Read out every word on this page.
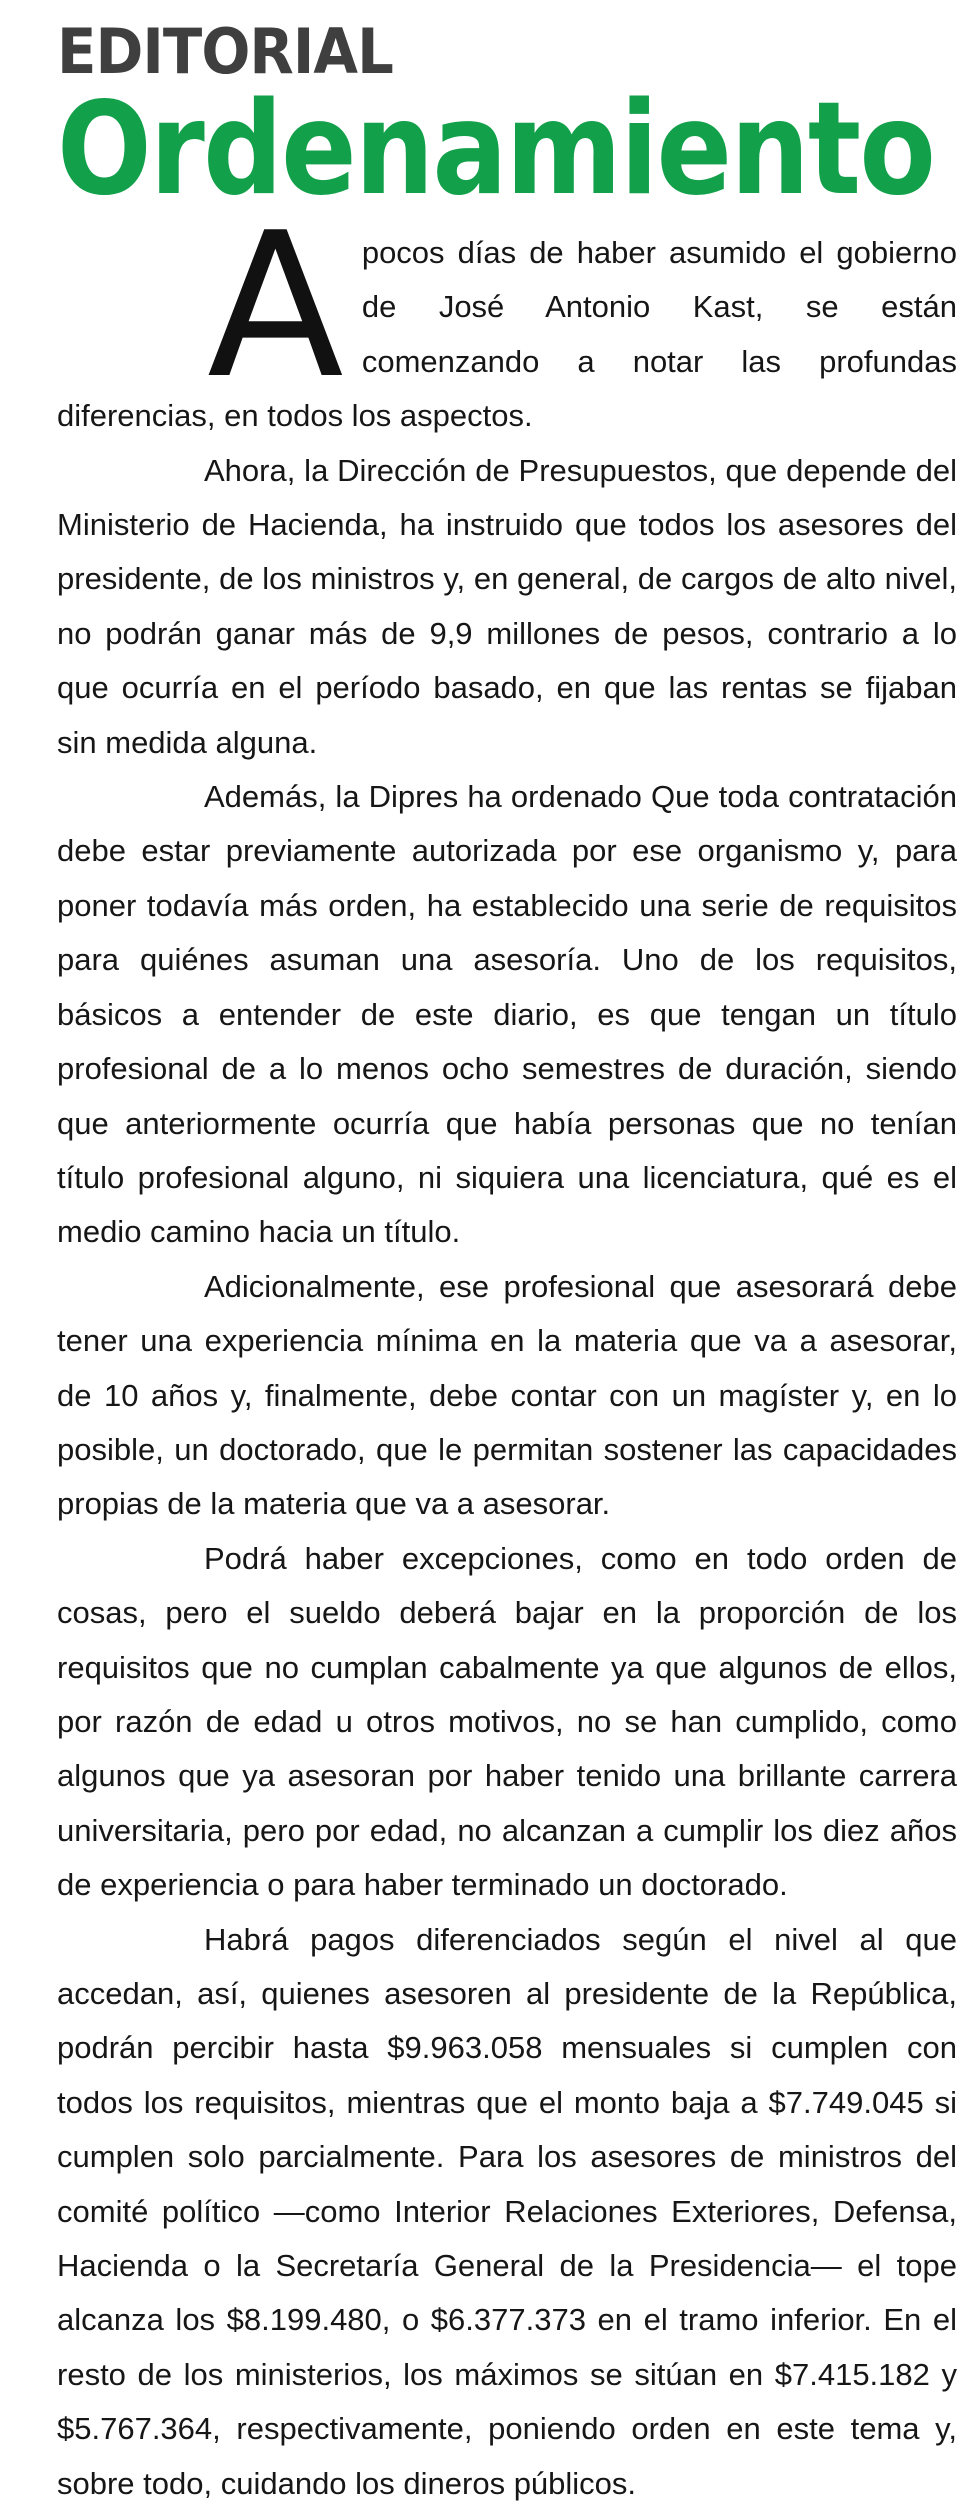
EDITORIAL
Ordenamiento

A pocos días de haber asumido el gobierno de José Antonio Kast, se están comenzando a notar las profundas diferencias, en todos los aspectos.

Ahora, la Dirección de Presupuestos, que depende del Ministerio de Hacienda, ha instruido que todos los asesores del presidente, de los ministros y, en general, de cargos de alto nivel, no podrán ganar más de 9,9 millones de pesos, contrario a lo que ocurría en el período basado, en que las rentas se fijaban sin medida alguna.

Además, la Dipres ha ordenado Que toda contratación debe estar previamente autorizada por ese organismo y, para poner todavía más orden, ha establecido una serie de requisitos para quiénes asuman una asesoría. Uno de los requisitos, básicos a entender de este diario, es que tengan un título profesional de a lo menos ocho semestres de duración, siendo que anteriormente ocurría que había personas que no tenían título profesional alguno, ni siquiera una licenciatura, qué es el medio camino hacia un título.

Adicionalmente, ese profesional que asesorará debe tener una experiencia mínima en la materia que va a asesorar, de 10 años y, finalmente, debe contar con un magíster y, en lo posible, un doctorado, que le permitan sostener las capacidades propias de la materia que va a asesorar.

Podrá haber excepciones, como en todo orden de cosas, pero el sueldo deberá bajar en la proporción de los requisitos que no cumplan cabalmente ya que algunos de ellos, por razón de edad u otros motivos, no se han cumplido, como algunos que ya asesoran por haber tenido una brillante carrera universitaria, pero por edad, no alcanzan a cumplir los diez años de experiencia o para haber terminado un doctorado.

Habrá pagos diferenciados según el nivel al que accedan, así, quienes asesoren al presidente de la República, podrán percibir hasta $9.963.058 mensuales si cumplen con todos los requisitos, mientras que el monto baja a $7.749.045 si cumplen solo parcialmente. Para los asesores de ministros del comité político —como Interior Relaciones Exteriores, Defensa, Hacienda o la Secretaría General de la Presidencia— el tope alcanza los $8.199.480, o $6.377.373 en el tramo inferior. En el resto de los ministerios, los máximos se sitúan en $7.415.182 y $5.767.364, respectivamente, poniendo orden en este tema y, sobre todo, cuidando los dineros públicos.
